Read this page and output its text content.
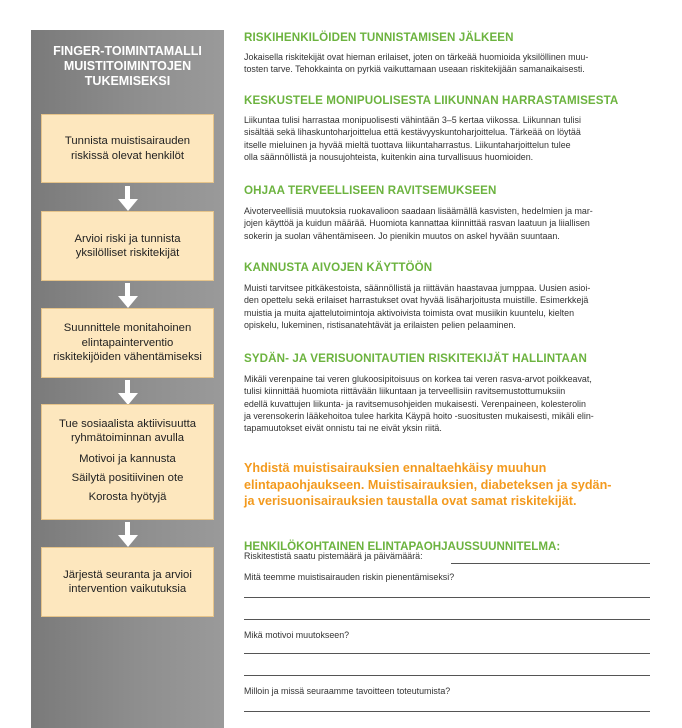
FINGER-TOIMINTAMALLI
MUISTITOIMINTOJEN
TUKEMISEKSI
Tunnista muistisairauden
riskissä olevat henkilöt
Arvioi riski ja tunnista
yksilölliset riskitekijät
Suunnittele monitahoinen
elintapainterventio
riskitekijöiden vähentämiseksi
Tue sosiaalista aktiivisuutta
ryhmätoiminnan avulla
Motivoi ja kannusta
Säilytä positiivinen ote
Korosta hyötyjä
Järjestä seuranta ja arvioi
intervention vaikutuksia
RISKIHENKILÖIDEN TUNNISTAMISEN JÄLKEEN

Jokaisella riskitekijät ovat hieman erilaiset, joten on tärkeää huomioida yksilöllinen muu-
tosten tarve. Tehokkainta on pyrkiä vaikuttamaan useaan riskitekijään samanaikaisesti.

KESKUSTELE MONIPUOLISESTA LIIKUNNAN HARRASTAMISESTA

Liikuntaa tulisi harrastaa monipuolisesti vähintään 3–5 kertaa viikossa. Liikunnan tulisi
sisältää sekä lihaskuntoharjoittelua että kestävyyskuntoharjoittelua. Tärkeää on löytää
itselle mieluinen ja hyvää mieltä tuottava liikuntaharrastus. Liikuntaharjoittelun tulee
olla säännöllistä ja nousujohteista, kuitenkin aina turvallisuus huomioiden.

OHJAA TERVEELLISEEN RAVITSEMUKSEEN

Aivoterveellisiä muutoksia ruokavalioon saadaan lisäämällä kasvisten, hedelmien ja mar-
jojen käyttöä ja kuidun määrää. Huomiota kannattaa kiinnittää rasvan laatuun ja liiallisen
sokerin ja suolan vähentämiseen. Jo pienikin muutos on askel hyvään suuntaan.

KANNUSTA AIVOJEN KÄYTTÖÖN

Muisti tarvitsee pitkäkestoista, säännöllistä ja riittävän haastavaa jumppaa. Uusien asioi-
den opettelu sekä erilaiset harrastukset ovat hyvää lisäharjoitusta muistille. Esimerkkejä
muistia ja muita ajattelutoimintoja aktivoivista toimista ovat musiikin kuuntelu, kielten
opiskelu, lukeminen, ristisanatehtävät ja erilaisten pelien pelaaminen.

SYDÄN- JA VERISUONITAUTIEN RISKITEKIJÄT HALLINTAAN

Mikäli verenpaine tai veren glukoosipitoisuus on korkea tai veren rasva-arvot poikkeavat,
tulisi kiinnittää huomiota riittävään liikuntaan ja terveellisiin ravitsemustottumuksiin
edellä kuvattujen liikunta- ja ravitsemusohjeiden mukaisesti. Verenpaineen, kolesterolin
ja verensokerin lääkehoitoa tulee harkita Käypä hoito -suositusten mukaisesti, mikäli elin-
tapamuutokset eivät onnistu tai ne eivät yksin riitä.

Yhdistä muistisairauksien ennaltaehkäisy muuhun
elintapaohjaukseen. Muistisairauksien, diabeteksen ja sydän-
ja verisuonisairauksien taustalla ovat samat riskitekijät.
HENKILÖKOHTAINEN ELINTAPAOHJAUSSUUNNITELMA:
Riskitestistä saatu pistemäärä ja päivämäärä:
Mitä teemme muistisairauden riskin pienentämiseksi?
Mikä motivoi muutokseen?
Milloin ja missä seuraamme tavoitteen toteutumista?
